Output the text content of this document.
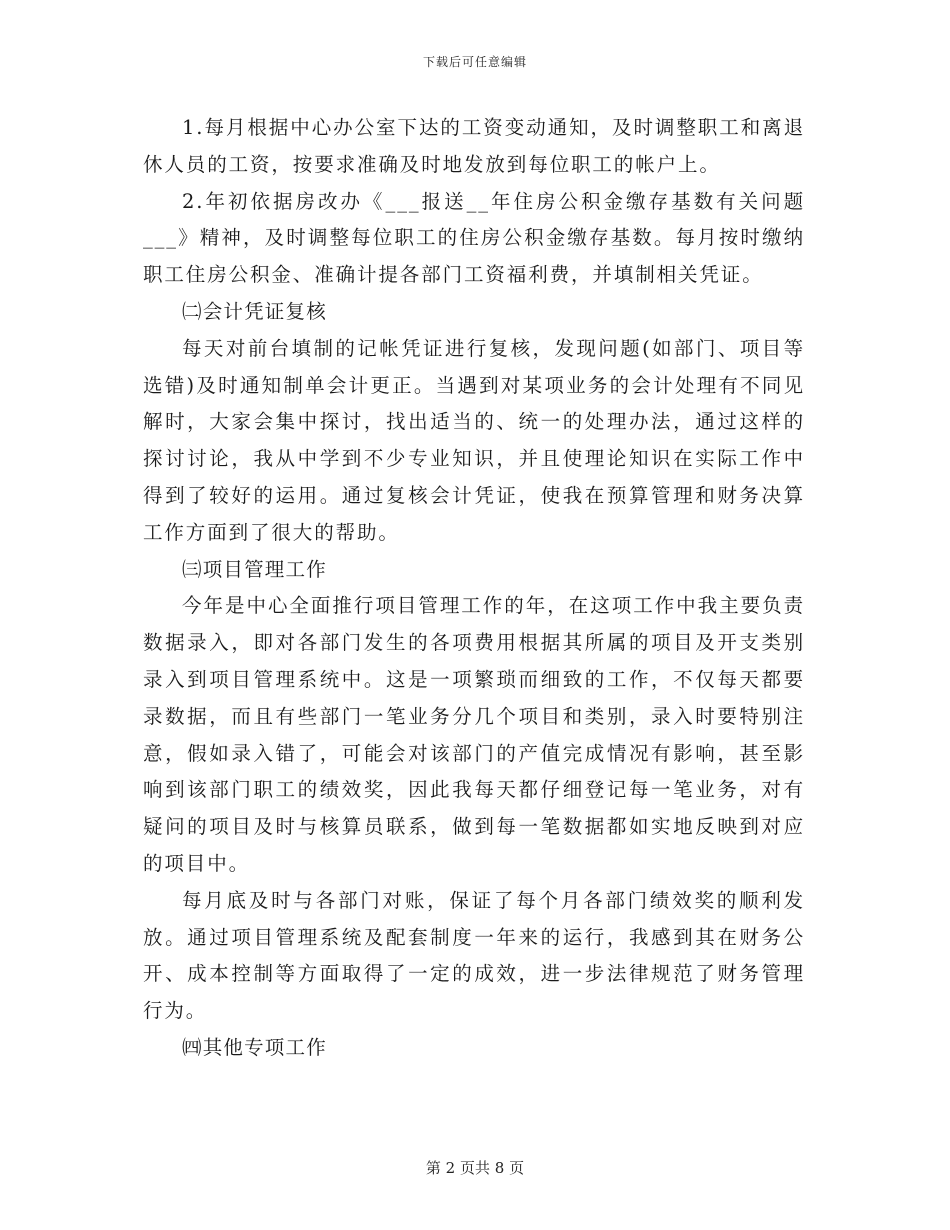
下载后可任意编辑

1.每月根据中心办公室下达的工资变动通知，及时调整职工和离退休人员的工资，按要求准确及时地发放到每位职工的帐户上。

2.年初依据房改办《___报送__年住房公积金缴存基数有关问题___》精神，及时调整每位职工的住房公积金缴存基数。每月按时缴纳职工住房公积金、准确计提各部门工资福利费，并填制相关凭证。

㈡会计凭证复核

每天对前台填制的记帐凭证进行复核，发现问题(如部门、项目等选错)及时通知制单会计更正。当遇到对某项业务的会计处理有不同见解时，大家会集中探讨，找出适当的、统一的处理办法，通过这样的探讨讨论，我从中学到不少专业知识，并且使理论知识在实际工作中得到了较好的运用。通过复核会计凭证，使我在预算管理和财务决算工作方面到了很大的帮助。

㈢项目管理工作

今年是中心全面推行项目管理工作的年，在这项工作中我主要负责数据录入，即对各部门发生的各项费用根据其所属的项目及开支类别录入到项目管理系统中。这是一项繁琐而细致的工作，不仅每天都要录数据，而且有些部门一笔业务分几个项目和类别，录入时要特别注意，假如录入错了，可能会对该部门的产值完成情况有影响，甚至影响到该部门职工的绩效奖，因此我每天都仔细登记每一笔业务，对有疑问的项目及时与核算员联系，做到每一笔数据都如实地反映到对应的项目中。

每月底及时与各部门对账，保证了每个月各部门绩效奖的顺利发放。通过项目管理系统及配套制度一年来的运行，我感到其在财务公开、成本控制等方面取得了一定的成效，进一步法律规范了财务管理行为。

㈣其他专项工作

第 2 页共 8 页
